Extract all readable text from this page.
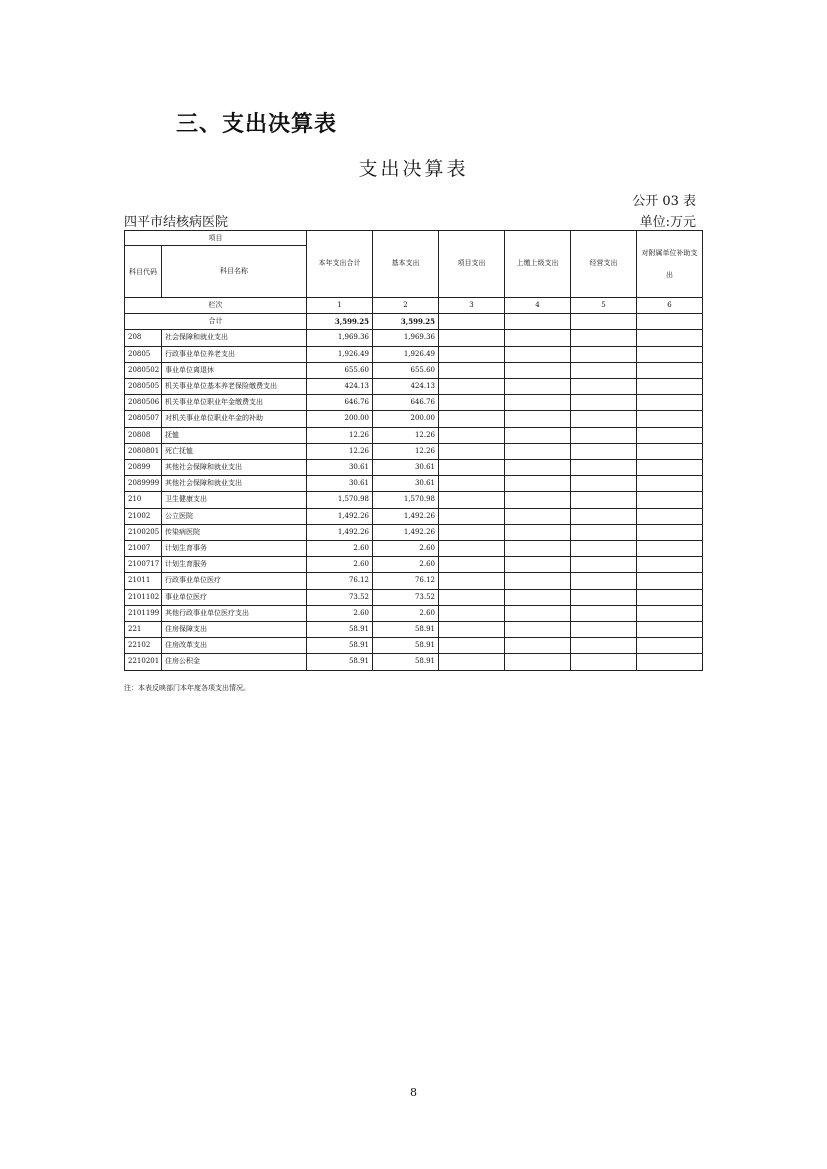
三、支出决算表
支出决算表
公开 03 表
四平市结核病医院	单位:万元
项目		本年支出合计	基本支出	项目支出	上缴上级支出	经营支出	对附属单位补助支出
科目代码	科目名称						
栏次		1	2	3	4	5	6
合计		3,599.25	3,599.25				
208	社会保障和就业支出	1,969.36	1,969.36				
20805	行政事业单位养老支出	1,926.49	1,926.49				
2080502	事业单位离退休	655.60	655.60				
2080505	机关事业单位基本养老保险缴费支出	424.13	424.13				
2080506	机关事业单位职业年金缴费支出	646.76	646.76				
2080507	对机关事业单位职业年金的补助	200.00	200.00				
20808	抚恤	12.26	12.26				
2080801	死亡抚恤	12.26	12.26				
20899	其他社会保障和就业支出	30.61	30.61				
2089999	其他社会保障和就业支出	30.61	30.61				
210	卫生健康支出	1,570.98	1,570.98				
21002	公立医院	1,492.26	1,492.26				
2100205	传染病医院	1,492.26	1,492.26				
21007	计划生育事务	2.60	2.60				
2100717	计划生育服务	2.60	2.60				
21011	行政事业单位医疗	76.12	76.12				
2101102	事业单位医疗	73.52	73.52				
2101199	其他行政事业单位医疗支出	2.60	2.60				
221	住房保障支出	58.91	58.91				
22102	住房改革支出	58.91	58.91				
2210201	住房公积金	58.91	58.91				
注：本表反映部门本年度各项支出情况。
8
